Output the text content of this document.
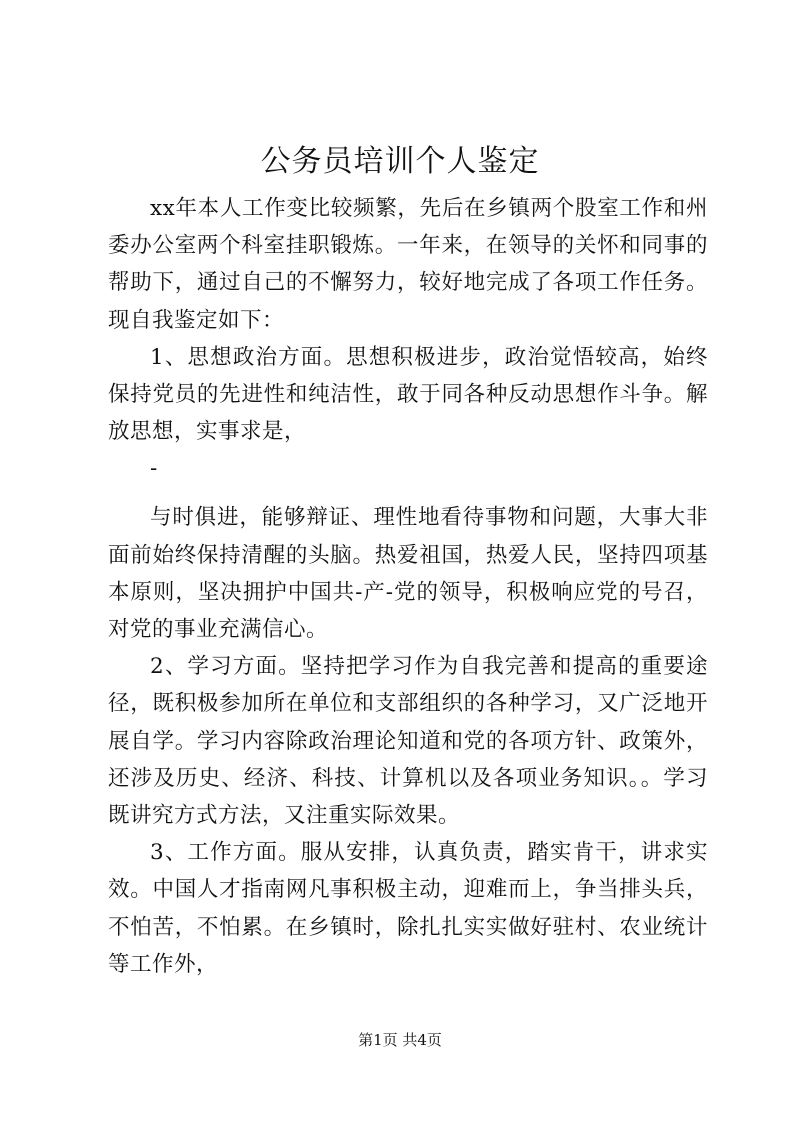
公务员培训个人鉴定

xx年本人工作变比较频繁，先后在乡镇两个股室工作和州委办公室两个科室挂职锻炼。一年来，在领导的关怀和同事的帮助下，通过自己的不懈努力，较好地完成了各项工作任务。现自我鉴定如下：

1、思想政治方面。思想积极进步，政治觉悟较高，始终保持党员的先进性和纯洁性，敢于同各种反动思想作斗争。解放思想，实事求是，

-

与时俱进，能够辩证、理性地看待事物和问题，大事大非面前始终保持清醒的头脑。热爱祖国，热爱人民，坚持四项基本原则，坚决拥护中国共-产-党的领导，积极响应党的号召，对党的事业充满信心。

2、学习方面。坚持把学习作为自我完善和提高的重要途径，既积极参加所在单位和支部组织的各种学习，又广泛地开展自学。学习内容除政治理论知道和党的各项方针、政策外，还涉及历史、经济、科技、计算机以及各项业务知识。。学习既讲究方式方法，又注重实际效果。

3、工作方面。服从安排，认真负责，踏实肯干，讲求实效。中国人才指南网凡事积极主动，迎难而上，争当排头兵，不怕苦，不怕累。在乡镇时，除扎扎实实做好驻村、农业统计等工作外，

第1页 共4页
